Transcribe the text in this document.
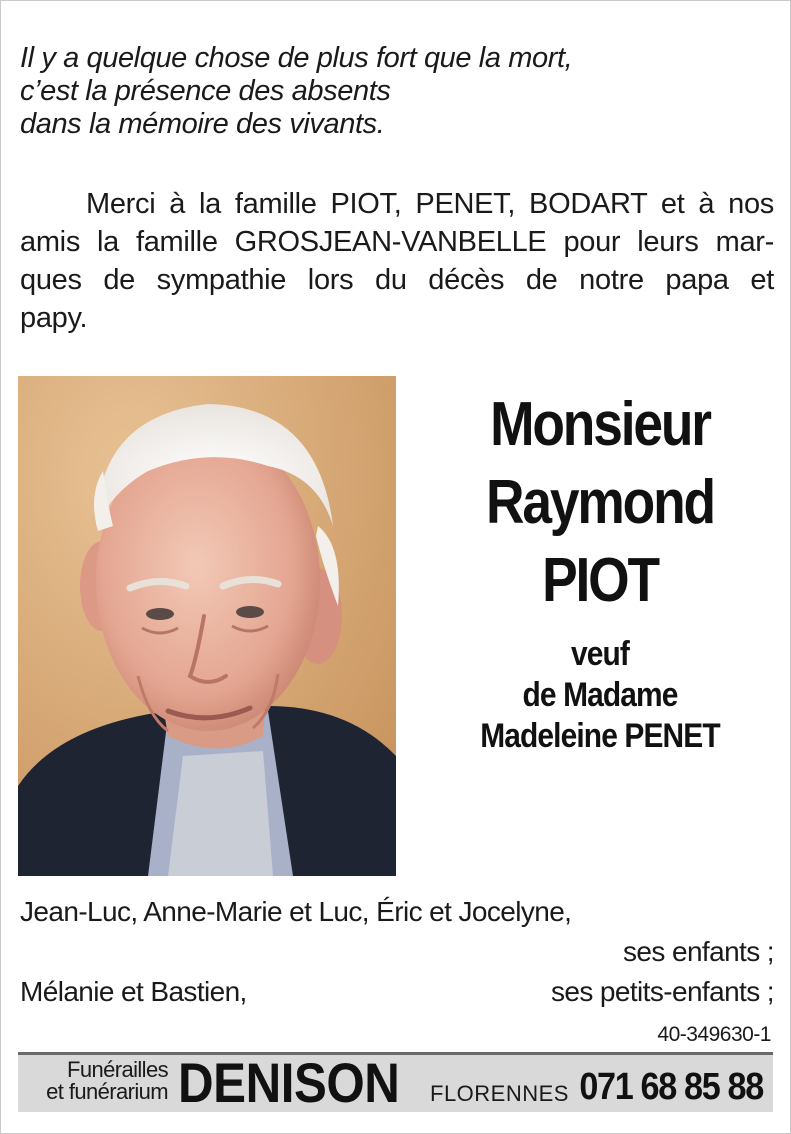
Il y a quelque chose de plus fort que la mort,
c’est la présence des absents
dans la mémoire des vivants.
Merci à la famille PIOT, PENET, BODART et à nos
amis la famille GROSJEAN-VANBELLE pour leurs mar-
ques de sympathie lors du décès de notre papa et
papy.
Monsieur
Raymond
PIOT
veuf
de Madame
Madeleine PENET
Jean-Luc, Anne-Marie et Luc, Éric et Jocelyne,
ses enfants ;
Mélanie et Bastien,	ses petits-enfants ;
40-349630-1
Funérailles
et funérarium DENISON FLORENNES 071 68 85 88
